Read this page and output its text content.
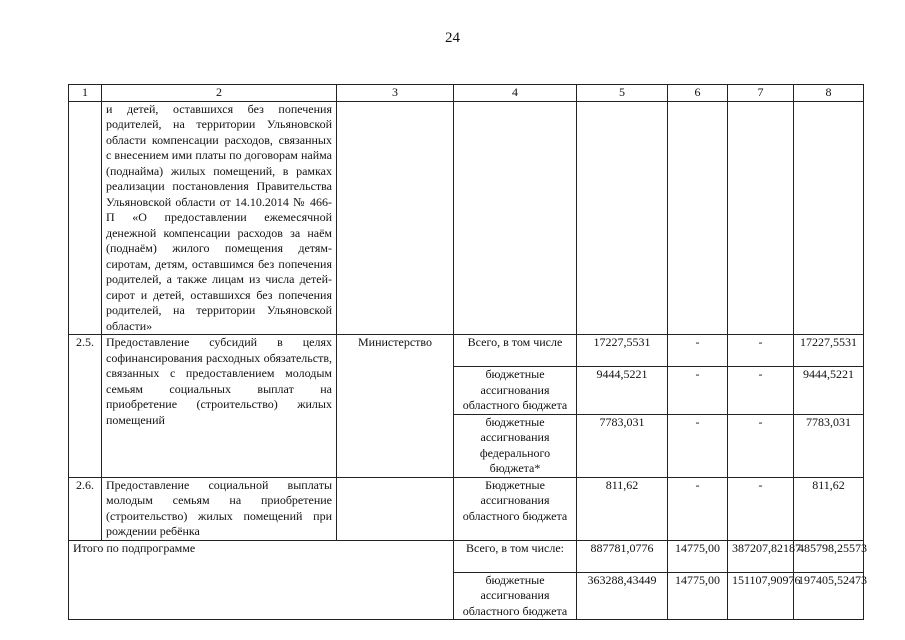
24
1	2	3	4	5	6	7	8
	и детей, оставшихся без попечения родителей, на территории Ульяновской области компенсации расходов, связанных с внесением ими платы по договорам найма (поднайма) жилых помещений, в рамках реализации постановления Правительства Ульяновской области от 14.10.2014 № 466-П «О предоставлении ежемесячной денежной компенсации расходов за наём (поднаём) жилого помещения детям-сиротам, детям, оставшимся без попечения родителей, а также лицам из числа детей-сирот и детей, оставшихся без попечения родителей, на территории Ульяновской области»						
2.5.	Предоставление субсидий в целях софинансирования расходных обязательств, связанных с предоставлением молодым семьям социальных выплат на приобретение (строительство) жилых помещений	Министерство	Всего, в том числе	17227,5531	-	-	17227,5531
			бюджетные ассигнования областного бюджета	9444,5221	-	-	9444,5221
			бюджетные ассигнования федерального бюджета*	7783,031	-	-	7783,031
2.6.	Предоставление социальной выплаты молодым семьям на приобретение (строительство) жилых помещений при рождении ребёнка		Бюджетные ассигнования областного бюджета	811,62	-	-	811,62
Итого по подпрограмме			Всего, в том числе:	887781,0776	14775,00	387207,82187	485798,25573
			бюджетные ассигнования областного бюджета	363288,43449	14775,00	151107,90976	197405,52473
